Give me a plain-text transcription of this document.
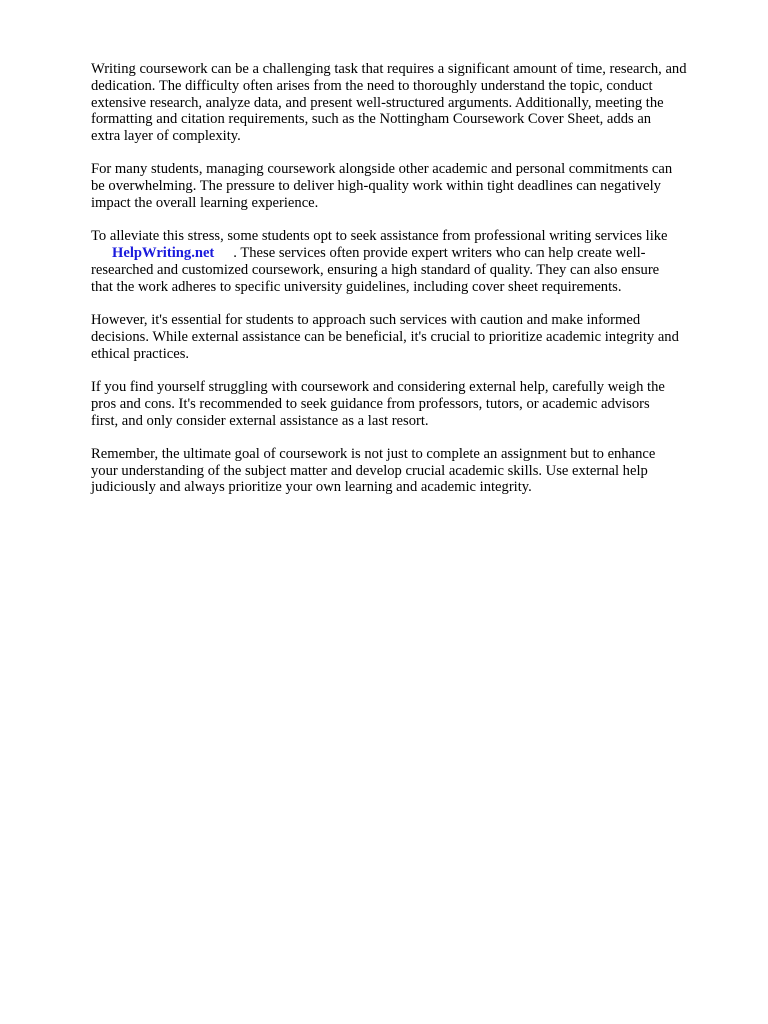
Writing coursework can be a challenging task that requires a significant amount of time, research, and
dedication. The difficulty often arises from the need to thoroughly understand the topic, conduct
extensive research, analyze data, and present well-structured arguments. Additionally, meeting the
formatting and citation requirements, such as the Nottingham Coursework Cover Sheet, adds an
extra layer of complexity.

For many students, managing coursework alongside other academic and personal commitments can
be overwhelming. The pressure to deliver high-quality work within tight deadlines can negatively
impact the overall learning experience.

To alleviate this stress, some students opt to seek assistance from professional writing services like
HelpWriting.net . These services often provide expert writers who can help create well-
researched and customized coursework, ensuring a high standard of quality. They can also ensure
that the work adheres to specific university guidelines, including cover sheet requirements.

However, it's essential for students to approach such services with caution and make informed
decisions. While external assistance can be beneficial, it's crucial to prioritize academic integrity and
ethical practices.

If you find yourself struggling with coursework and considering external help, carefully weigh the
pros and cons. It's recommended to seek guidance from professors, tutors, or academic advisors
first, and only consider external assistance as a last resort.

Remember, the ultimate goal of coursework is not just to complete an assignment but to enhance
your understanding of the subject matter and develop crucial academic skills. Use external help
judiciously and always prioritize your own learning and academic integrity.
